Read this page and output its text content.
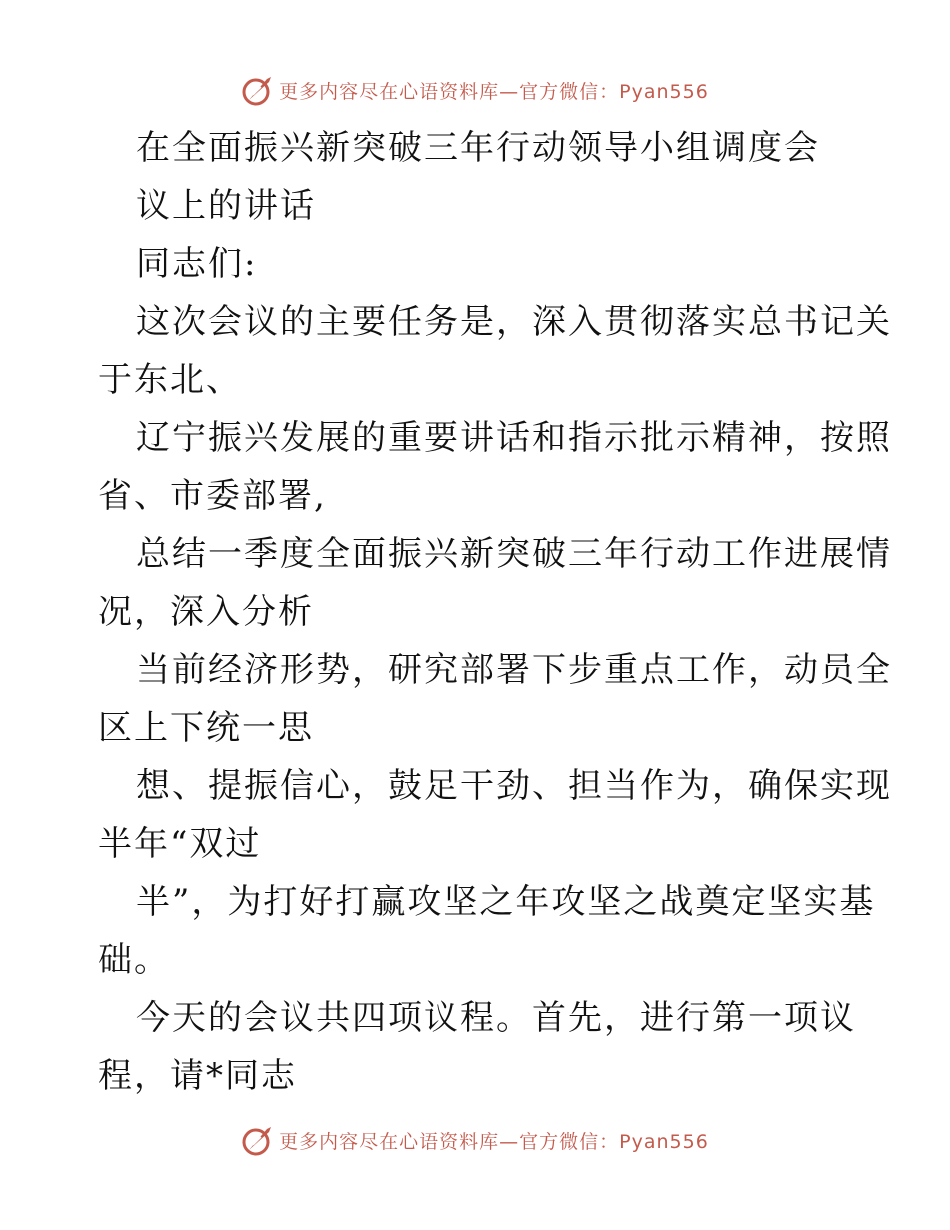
更多内容尽在心语资料库—官方微信：Pyan556
在全面振兴新突破三年行动领导小组调度会
议上的讲话
同志们:
这次会议的主要任务是，深入贯彻落实总书记关
于东北、
辽宁振兴发展的重要讲话和指示批示精神，按照
省、市委部署,
总结一季度全面振兴新突破三年行动工作进展情
况，深入分析
当前经济形势，研究部署下步重点工作，动员全
区上下统一思
想、提振信心，鼓足干劲、担当作为，确保实现
半年“双过
半”，为打好打赢攻坚之年攻坚之战奠定坚实基
础。
今天的会议共四项议程。首先，进行第一项议
程，请*同志
更多内容尽在心语资料库—官方微信：Pyan556
